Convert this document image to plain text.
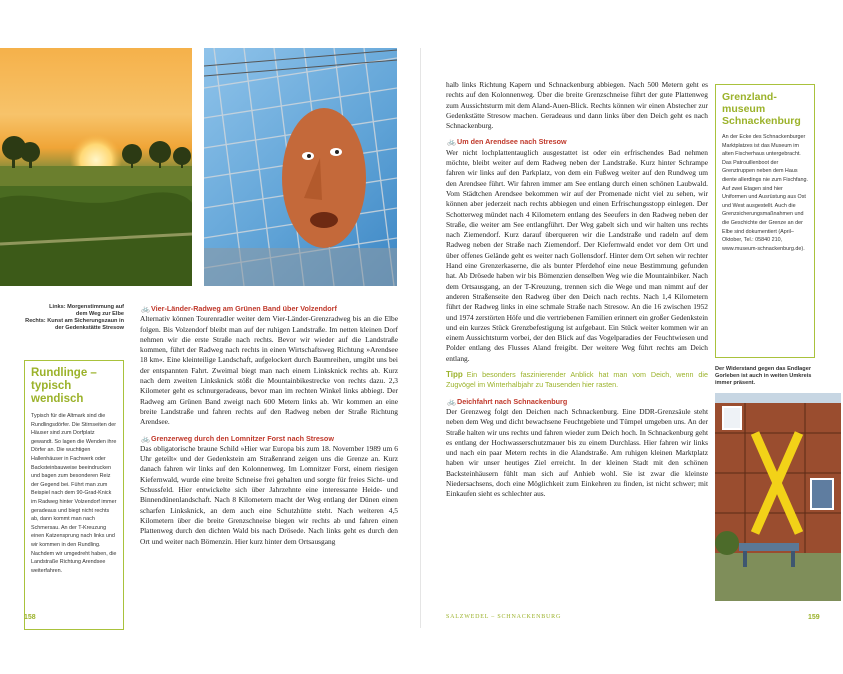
Links: Morgenstimmung auf
dem Weg zur Elbe
Rechts: Kunst am Sicherungszaun in
der Gedenkstätte Stresow
Rundlinge –
typisch wendisch
Typisch für die Altmark sind die Rundlingsdörfer. Die Stirnseiten der Häuser sind zum Dorfplatz gewandt. So lagen die Wenden ihre Dörfer an. Die wuchtigen Hallenhäuser in Fachwerk oder Backsteinbauweise beeindrucken und bagen zum besonderen Reiz der Gegend bei. Führt man zum Beispiel nach dem 90-Grad-Knick im Radweg hinter Volzendorf immer geradeaus und biegt nicht rechts ab, dann kommt man nach Schmersau. An der T-Kreuzung einen Katzensprung nach links und wir kommen in den Rundling. Nachdem wir umgedreht haben, die Landstraße Richtung Arendsee weiterfahren.

🚲Vier-Länder-Radweg am Grünen Band über Volzendorf

Alternativ können Tourenradler weiter dem Vier-Länder-Grenzradweg bis an die Elbe folgen. Bis Volzendorf bleibt man auf der ruhigen Landstraße. Im netten kleinen Dorf nehmen wir die erste Straße nach rechts. Bevor wir wieder auf die Landstraße kommen, führt der Radweg nach rechts in einen Wirtschaftsweg Richtung »Arendsee 18 km«. Eine kleinteilige Landschaft, aufgelockert durch Baumreihen, umgibt uns bei der entspannten Fahrt. Zweimal biegt man nach einem Linksknick rechts ab. Kurz nach dem zweiten Linksknick stößt die Mountainbikestrecke von rechts dazu. 2,3 Kilometer geht es schnurgeradeaus, bevor man im rechten Winkel links abbiegt. Der Radweg am Grünen Band zweigt nach 600 Metern links ab. Wir kommen an eine breite Landstraße und fahren rechts auf den Radweg neben der Straße Richtung Arendsee.

🚲Grenzerweg durch den Lomnitzer Forst nach Stresow

Das obligatorische braune Schild »Hier war Europa bis zum 18. November 1989 um 6 Uhr geteilt« und der Gedenkstein am Straßenrand zeigen uns die Grenze an. Kurz danach fahren wir links auf den Kolonnenweg. Im Lomnitzer Forst, einem riesigen Kiefernwald, wurde eine breite Schneise frei gehalten und sorgte für freies Sicht- und Schussfeld. Hier entwickelte sich über Jahrzehnte eine interessante Heide- und Binnendünenlandschaft. Nach 8 Kilometern macht der Weg entlang der Dünen einen scharfen Linksknick, an dem auch eine Schutzhütte steht. Nach weiteren 4,5 Kilometern über die breite Grenzschneise biegen wir rechts ab und fahren einen Plattenweg durch den dichten Wald bis nach Drösede. Nach links geht es durch den Ort und weiter nach Bömenzin. Hier kurz hinter dem Ortsausgang

158

halb links Richtung Kapern und Schnackenburg abbiegen. Nach 500 Metern geht es rechts auf den Kolonnenweg. Über die breite Grenzschneise führt der gute Plattenweg zum Aussichtsturm mit dem Aland-Auen-Blick. Rechts können wir einen Abstecher zur Gedenkstätte Stresow machen. Geradeaus und dann links über den Deich geht es nach Schnackenburg.

🚲Um den Arendsee nach Stresow

Wer nicht lochplattentauglich ausgestattet ist oder ein erfrischendes Bad nehmen möchte, bleibt weiter auf dem Radweg neben der Landstraße. Kurz hinter Schrampe fahren wir links auf den Parkplatz, von dem ein Fußweg weiter auf den Rundweg um den Arendsee führt. Wir fahren immer am See entlang durch einen schönen Laubwald. Vom Städtchen Arendsee bekommen wir auf der Promenade nicht viel zu sehen, wir können aber jederzeit nach rechts abbiegen und einen Erfrischungsstopp einlegen. Der Schotterweg mündet nach 4 Kilometern entlang des Seeufers in den Radweg neben der Straße, die weiter am See entlangführt. Der Weg gabelt sich und wir halten uns rechts nach Ziemendorf. Kurz darauf überqueren wir die Landstraße und radeln auf dem Radweg neben der Straße nach Ziemendorf. Der Kiefernwald endet vor dem Ort und über offenes Gelände geht es weiter nach Gollensdorf. Hinter dem Ort sehen wir rechter Hand eine Grenzerkaserne, die als bunter Pferdehof eine neue Bestimmung gefunden hat. Ab Drösede haben wir bis Bömenzien denselben Weg wie die Mountainbiker. Nach dem Ortsausgang, an der T-Kreuzung, trennen sich die Wege und man nimmt auf der anderen Straßenseite den Radweg über den Deich nach rechts. Nach 1,4 Kilometern führt der Radweg links in eine schmale Straße nach Stresow. An die 16 zwischen 1952 und 1974 zerstörten Höfe und die vertriebenen Familien erinnert ein großer Gedenkstein und ein kurzes Stück Grenzbefestigung ist aufgebaut. Ein Stück weiter kommen wir an einem Aussichtsturm vorbei, der den Blick auf das Vogelparadies der Feuchtwiesen und Polder entlang des Flusses Aland freigibt. Der weitere Weg führt rechts am Deich entlang.

Tipp Ein besonders faszinierender Anblick hat man vom Deich, wenn die Zugvögel im Winterhalbjahr zu Tausenden hier rasten.

🚲Deichfahrt nach Schnackenburg

Der Grenzweg folgt den Deichen nach Schnackenburg. Eine DDR-Grenzsäule steht neben dem Weg und dicht bewachsene Feuchtgebiete und Tümpel umgeben uns. An der Straße halten wir uns rechts und fahren wieder zum Deich hoch. In Schnackenburg geht es entlang der Hochwasserschutzmauer bis zu einem Durchlass. Hier fahren wir links und nach ein paar Metern rechts in die Alandstraße. Am ruhigen kleinen Marktplatz haben wir unser heutiges Ziel erreicht. In der kleinen Stadt mit den schönen Backsteinhäusern fühlt man sich auf Anhieb wohl. Sie ist zwar die kleinste Niedersachsens, doch eine Möglichkeit zum Einkehren zu finden, ist nicht schwer; mit Einkaufen sieht es schlechter aus.

Grenzland-
museum
Schnackenburg
An der Ecke des Schnackenburger Marktplatzes ist das Museum im alten Fischerhaus untergebracht. Das Patrouillenboot der Grenztruppen neben dem Haus diente allerdings nie zum Fischfang. Auf zwei Etagen sind hier Uniformen und Ausrüstung aus Ost und West ausgestellt. Auch die Grenzsicherungsmaßnahmen und die Geschichte der Grenze an der Elbe sind dokumentiert (April–Oktober, Tel.: 05840 210, www.museum-schnackenburg.de).
Der Widerstand gegen das Endlager
Gorleben ist auch in weiten Umkreis
immer präsent.
SALZWEDEL – SCHNACKENBURG	159
